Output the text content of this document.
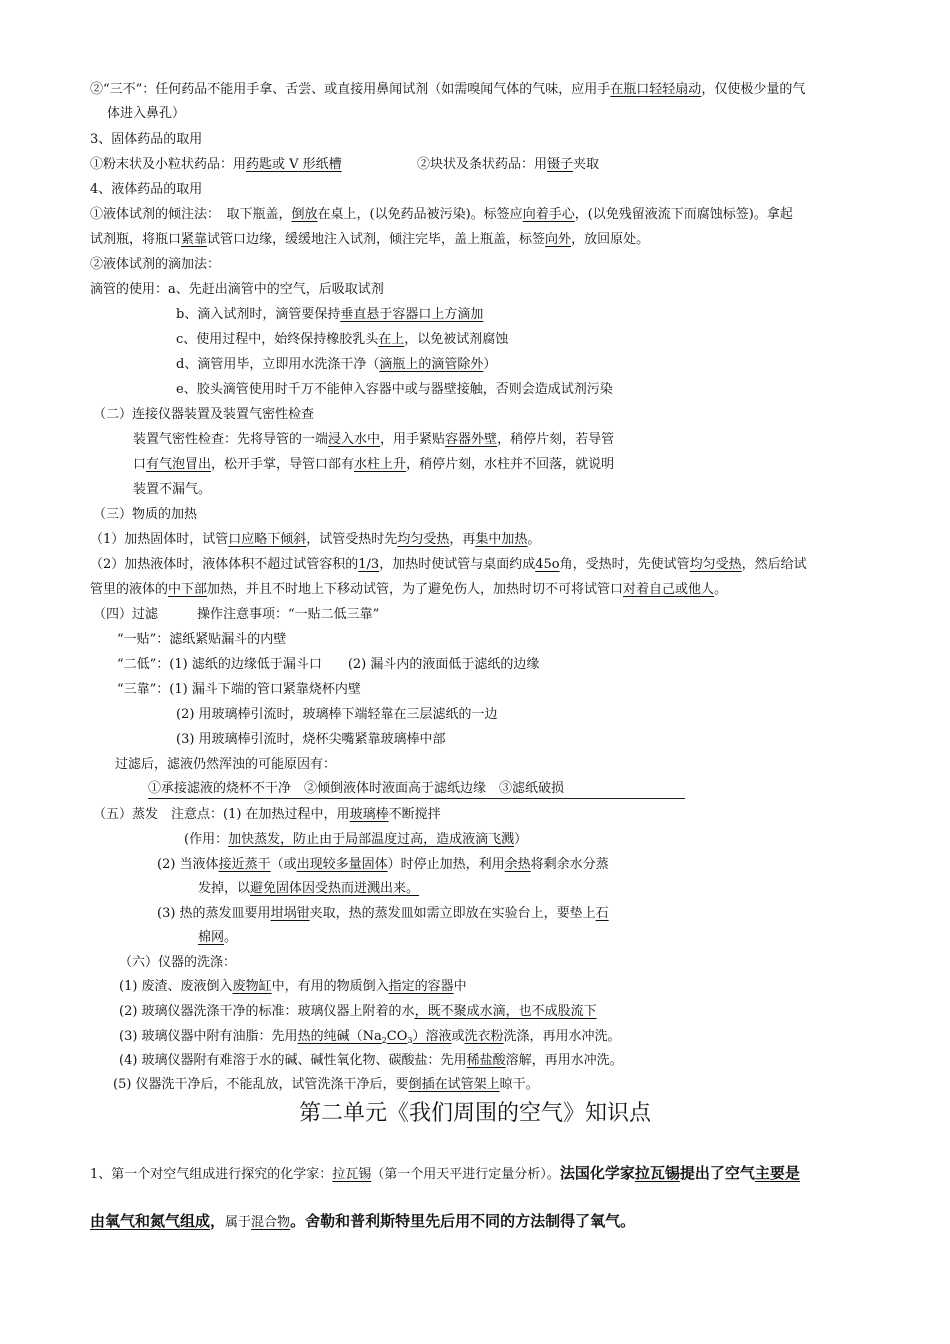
②“三不”：任何药品不能用手拿、舌尝、或直接用鼻闻试剂（如需嗅闻气体的气味，应用手在瓶口轻轻扇动，仅使极少量的气
体进入鼻孔）
3、固体药品的取用
①粉末状及小粒状药品：用药匙或 V 形纸槽	②块状及条状药品：用镊子夹取
4、液体药品的取用
①液体试剂的倾注法：　取下瓶盖，倒放在桌上，(以免药品被污染)。标签应向着手心，(以免残留液流下而腐蚀标签)。拿起
试剂瓶，将瓶口紧靠试管口边缘，缓缓地注入试剂，倾注完毕，盖上瓶盖，标签向外，放回原处。
②液体试剂的滴加法：
滴管的使用：a、先赶出滴管中的空气，后吸取试剂
b、滴入试剂时，滴管要保持垂直悬于容器口上方滴加
c、使用过程中，始终保持橡胶乳头在上，以免被试剂腐蚀
d、滴管用毕，立即用水洗涤干净（滴瓶上的滴管除外）
e、胶头滴管使用时千万不能伸入容器中或与器壁接触，否则会造成试剂污染
（二）连接仪器装置及装置气密性检查
装置气密性检查：先将导管的一端浸入水中，用手紧贴容器外壁，稍停片刻，若导管
口有气泡冒出，松开手掌，导管口部有水柱上升，稍停片刻，水柱并不回落，就说明
装置不漏气。
（三）物质的加热
（1）加热固体时，试管口应略下倾斜，试管受热时先均匀受热，再集中加热。
（2）加热液体时，液体体积不超过试管容积的1/3，加热时使试管与桌面约成45o角，受热时，先使试管均匀受热，然后给试
管里的液体的中下部加热，并且不时地上下移动试管，为了避免伤人，加热时切不可将试管口对着自己或他人。
（四）过滤　　　操作注意事项：“一贴二低三靠”
“一贴”：滤纸紧贴漏斗的内壁
“二低”：(1) 滤纸的边缘低于漏斗口　　(2) 漏斗内的液面低于滤纸的边缘
“三靠”：(1) 漏斗下端的管口紧靠烧杯内壁
(2) 用玻璃棒引流时，玻璃棒下端轻靠在三层滤纸的一边
(3) 用玻璃棒引流时，烧杯尖嘴紧靠玻璃棒中部
过滤后，滤液仍然浑浊的可能原因有：
①承接滤液的烧杯不干净　②倾倒液体时液面高于滤纸边缘　③滤纸破损
（五）蒸发　注意点：(1) 在加热过程中，用玻璃棒不断搅拌
(作用：加快蒸发，防止由于局部温度过高，造成液滴飞溅）
(2) 当液体接近蒸干（或出现较多量固体）时停止加热，利用余热将剩余水分蒸
发掉，以避免固体因受热而迸溅出来。
(3) 热的蒸发皿要用坩埚钳夹取，热的蒸发皿如需立即放在实验台上，要垫上石
棉网。
（六）仪器的洗涤：
(1) 废渣、废液倒入废物缸中，有用的物质倒入指定的容器中
(2) 玻璃仪器洗涤干净的标准：玻璃仪器上附着的水，既不聚成水滴，也不成股流下
(3) 玻璃仪器中附有油脂：先用热的纯碱$(Na_2CO_3)$溶液或洗衣粉洗涤，再用水冲洗。
(4) 玻璃仪器附有难溶于水的碱、碱性氧化物、碳酸盐：先用稀盐酸溶解，再用水冲洗。
(5) 仪器洗干净后，不能乱放，试管洗涤干净后，要倒插在试管架上晾干。
第二单元《我们周围的空气》知识点
1、第一个对空气组成进行探究的化学家：拉瓦锡（第一个用天平进行定量分析）。法国化学家拉瓦锡提出了空气主要是
由氧气和氮气组成，属于混合物。舍勒和普利斯特里先后用不同的方法制得了氧气。
